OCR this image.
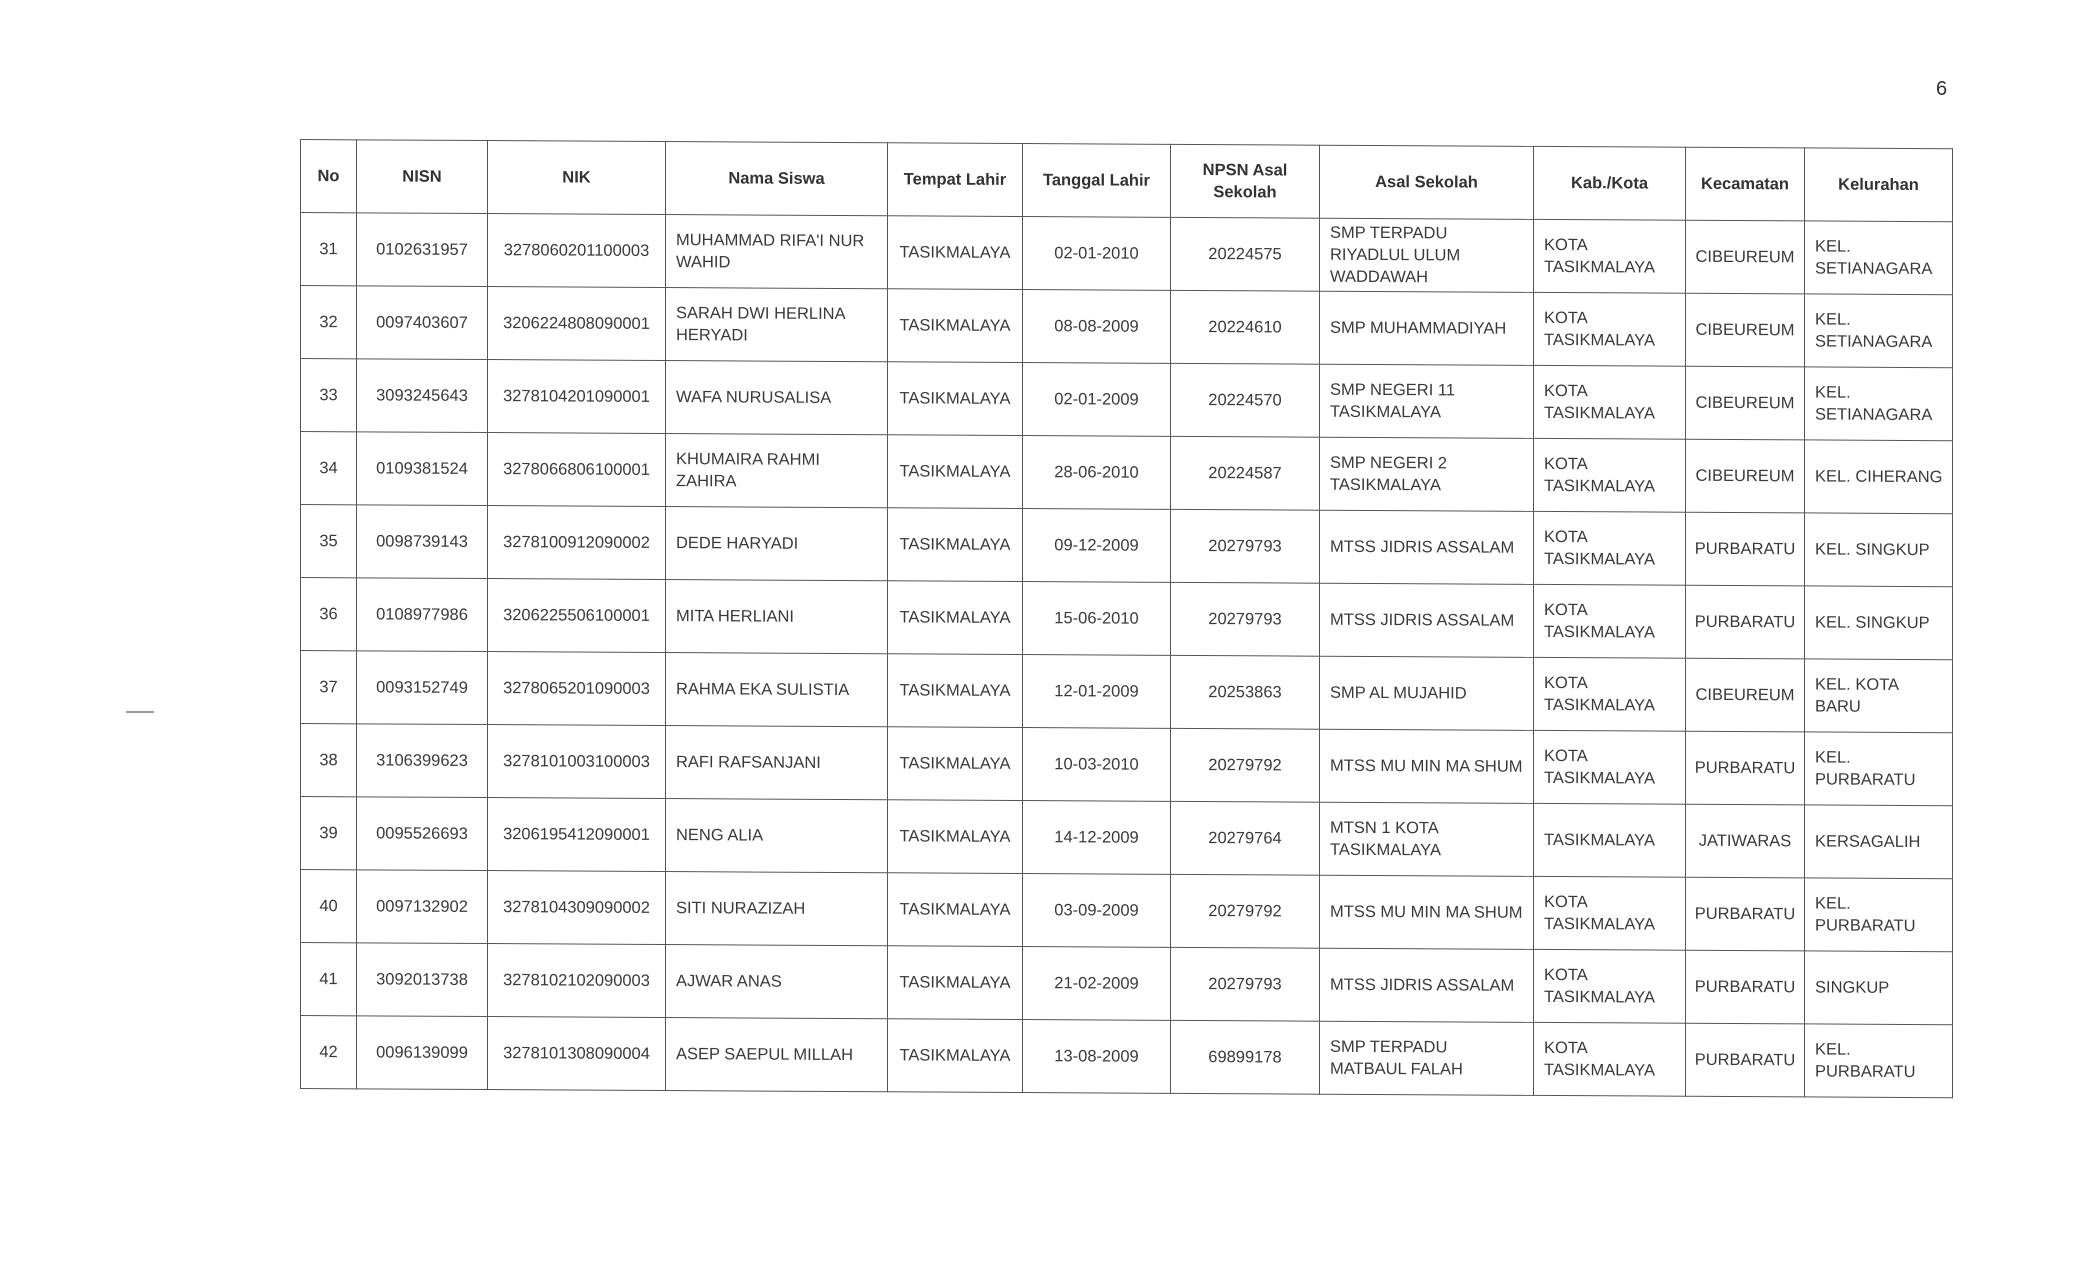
6
No	NISN	NIK	Nama Siswa	Tempat Lahir	Tanggal Lahir	NPSN Asal Sekolah	Asal Sekolah	Kab./Kota	Kecamatan	Kelurahan
31	0102631957	3278060201100003	MUHAMMAD RIFA'I NUR WAHID	TASIKMALAYA	02-01-2010	20224575	SMP TERPADU RIYADLUL ULUM WADDAWAH	KOTA TASIKMALAYA	CIBEUREUM	KEL. SETIANAGARA
32	0097403607	3206224808090001	SARAH DWI HERLINA HERYADI	TASIKMALAYA	08-08-2009	20224610	SMP MUHAMMADIYAH	KOTA TASIKMALAYA	CIBEUREUM	KEL. SETIANAGARA
33	3093245643	3278104201090001	WAFA NURUSALISA	TASIKMALAYA	02-01-2009	20224570	SMP NEGERI 11 TASIKMALAYA	KOTA TASIKMALAYA	CIBEUREUM	KEL. SETIANAGARA
34	0109381524	3278066806100001	KHUMAIRA RAHMI ZAHIRA	TASIKMALAYA	28-06-2010	20224587	SMP NEGERI 2 TASIKMALAYA	KOTA TASIKMALAYA	CIBEUREUM	KEL. CIHERANG
35	0098739143	3278100912090002	DEDE HARYADI	TASIKMALAYA	09-12-2009	20279793	MTSS JIDRIS ASSALAM	KOTA TASIKMALAYA	PURBARATU	KEL. SINGKUP
36	0108977986	3206225506100001	MITA HERLIANI	TASIKMALAYA	15-06-2010	20279793	MTSS JIDRIS ASSALAM	KOTA TASIKMALAYA	PURBARATU	KEL. SINGKUP
37	0093152749	3278065201090003	RAHMA EKA SULISTIA	TASIKMALAYA	12-01-2009	20253863	SMP AL MUJAHID	KOTA TASIKMALAYA	CIBEUREUM	KEL. KOTA BARU
38	3106399623	3278101003100003	RAFI RAFSANJANI	TASIKMALAYA	10-03-2010	20279792	MTSS MU MIN MA SHUM	KOTA TASIKMALAYA	PURBARATU	KEL. PURBARATU
39	0095526693	3206195412090001	NENG ALIA	TASIKMALAYA	14-12-2009	20279764	MTSN 1 KOTA TASIKMALAYA	TASIKMALAYA	JATIWARAS	KERSAGALIH
40	0097132902	3278104309090002	SITI NURAZIZAH	TASIKMALAYA	03-09-2009	20279792	MTSS MU MIN MA SHUM	KOTA TASIKMALAYA	PURBARATU	KEL. PURBARATU
41	3092013738	3278102102090003	AJWAR ANAS	TASIKMALAYA	21-02-2009	20279793	MTSS JIDRIS ASSALAM	KOTA TASIKMALAYA	PURBARATU	SINGKUP
42	0096139099	3278101308090004	ASEP SAEPUL MILLAH	TASIKMALAYA	13-08-2009	69899178	SMP TERPADU MATBAUL FALAH	KOTA TASIKMALAYA	PURBARATU	KEL. PURBARATU
